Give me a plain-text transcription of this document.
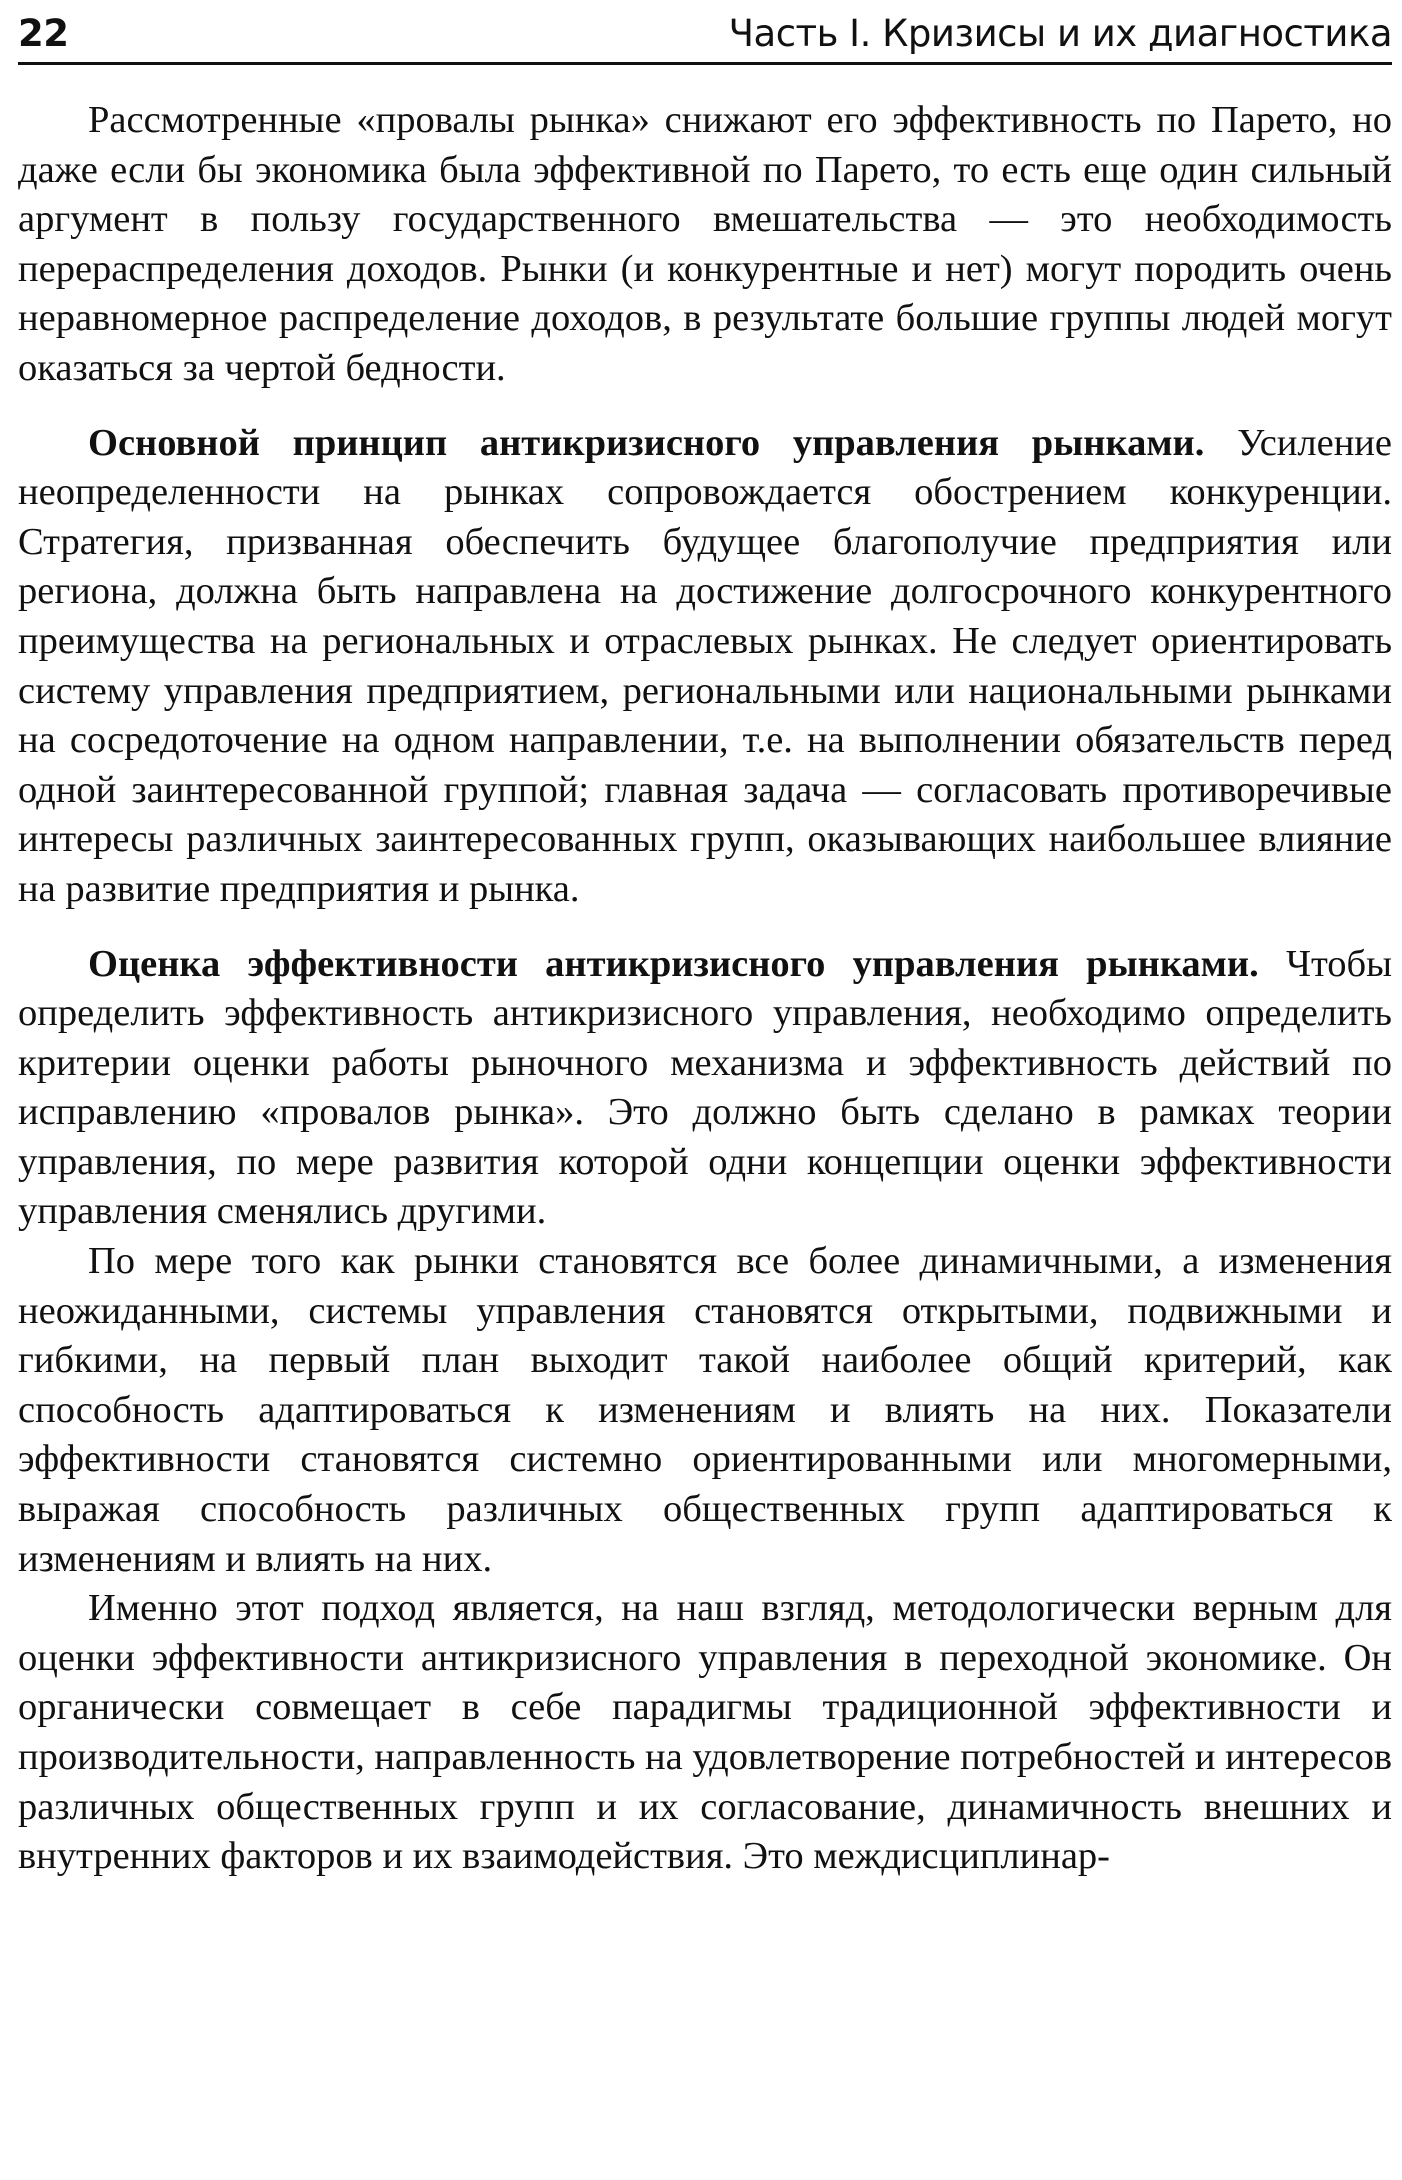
22	Часть I. Кризисы и их диагностика

Рассмотренные «провалы рынка» снижают его эффективность по Парето, но даже если бы экономика была эффективной по Парето, то есть еще один сильный аргумент в пользу государственного вмешательства — это необходимость перераспределения доходов. Рынки (и конкурентные и нет) могут породить очень неравномерное распределение доходов, в результате большие группы людей могут оказаться за чертой бедности.

Основной принцип антикризисного управления рынками. Усиление неопределенности на рынках сопровождается обострением конкуренции. Стратегия, призванная обеспечить будущее благополучие предприятия или региона, должна быть направлена на достижение долгосрочного конкурентного преимущества на региональных и отраслевых рынках. Не следует ориентировать систему управления предприятием, региональными или национальными рынками на сосредоточение на одном направлении, т.е. на выполнении обязательств перед одной заинтересованной группой; главная задача — согласовать противоречивые интересы различных заинтересованных групп, оказывающих наибольшее влияние на развитие предприятия и рынка.

Оценка эффективности антикризисного управления рынками. Чтобы определить эффективность антикризисного управления, необходимо определить критерии оценки работы рыночного механизма и эффективность действий по исправлению «провалов рынка». Это должно быть сделано в рамках теории управления, по мере развития которой одни концепции оценки эффективности управления сменялись другими.

По мере того как рынки становятся все более динамичными, а изменения неожиданными, системы управления становятся открытыми, подвижными и гибкими, на первый план выходит такой наиболее общий критерий, как способность адаптироваться к изменениям и влиять на них. Показатели эффективности становятся системно ориентированными или многомерными, выражая способность различных общественных групп адаптироваться к изменениям и влиять на них.

Именно этот подход является, на наш взгляд, методологически верным для оценки эффективности антикризисного управления в переходной экономике. Он органически совмещает в себе парадигмы традиционной эффективности и производительности, направленность на удовлетворение потребностей и интересов различных общественных групп и их согласование, динамичность внешних и внутренних факторов и их взаимодействия. Это междисциплинар-
